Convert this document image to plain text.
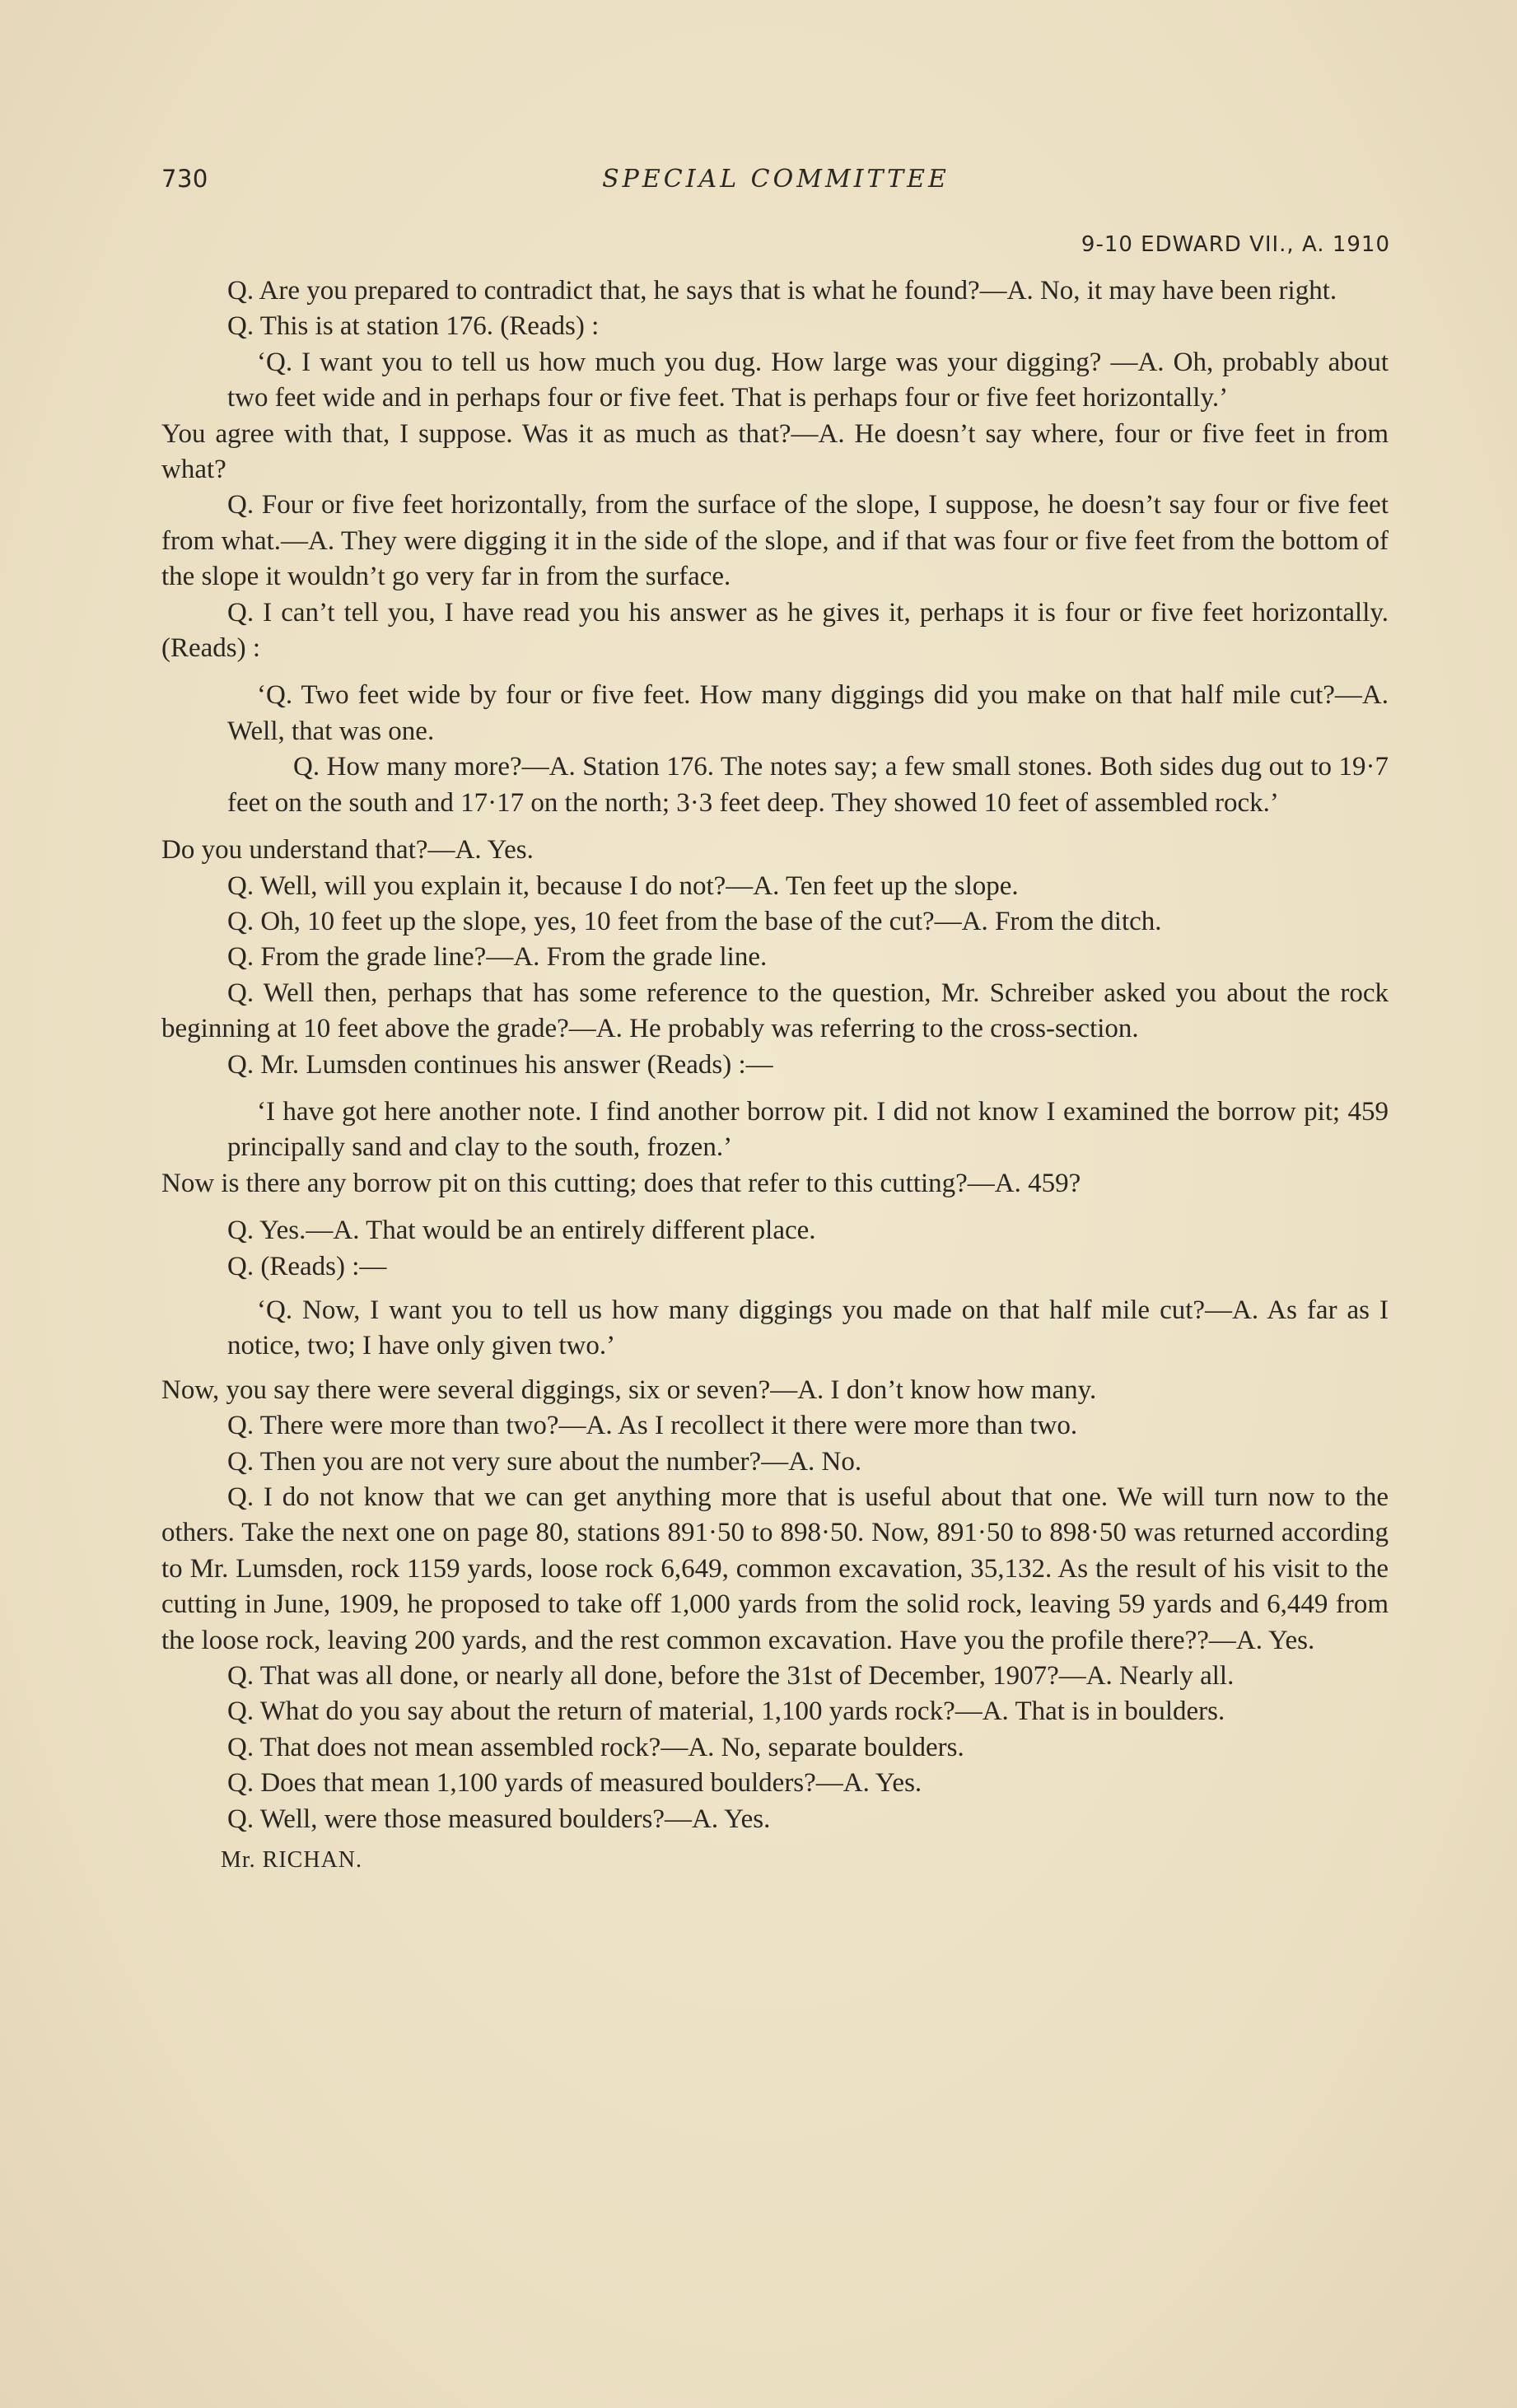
730	SPECIAL COMMITTEE
9-10 EDWARD VII., A. 1910

Q. Are you prepared to contradict that, he says that is what he found?—A. No, it may have been right.

Q. This is at station 176. (Reads) :

‘Q. I want you to tell us how much you dug. How large was your digging? —A. Oh, probably about two feet wide and in perhaps four or five feet. That is perhaps four or five feet horizontally.’

You agree with that, I suppose. Was it as much as that?—A. He doesn’t say where, four or five feet in from what?

Q. Four or five feet horizontally, from the surface of the slope, I suppose, he doesn’t say four or five feet from what.—A. They were digging it in the side of the slope, and if that was four or five feet from the bottom of the slope it wouldn’t go very far in from the surface.

Q. I can’t tell you, I have read you his answer as he gives it, perhaps it is four or five feet horizontally. (Reads) :

‘Q. Two feet wide by four or five feet. How many diggings did you make on that half mile cut?—A. Well, that was one.

Q. How many more?—A. Station 176. The notes say; a few small stones. Both sides dug out to 19·7 feet on the south and 17·17 on the north; 3·3 feet deep. They showed 10 feet of assembled rock.’

Do you understand that?—A. Yes.

Q. Well, will you explain it, because I do not?—A. Ten feet up the slope.

Q. Oh, 10 feet up the slope, yes, 10 feet from the base of the cut?—A. From the ditch.

Q. From the grade line?—A. From the grade line.

Q. Well then, perhaps that has some reference to the question, Mr. Schreiber asked you about the rock beginning at 10 feet above the grade?—A. He probably was referring to the cross-section.

Q. Mr. Lumsden continues his answer (Reads) :—

‘I have got here another note. I find another borrow pit. I did not know I examined the borrow pit; 459 principally sand and clay to the south, frozen.’

Now is there any borrow pit on this cutting; does that refer to this cutting?—A. 459?

Q. Yes.—A. That would be an entirely different place.

Q. (Reads) :—

‘Q. Now, I want you to tell us how many diggings you made on that half mile cut?—A. As far as I notice, two; I have only given two.’

Now, you say there were several diggings, six or seven?—A. I don’t know how many.

Q. There were more than two?—A. As I recollect it there were more than two.

Q. Then you are not very sure about the number?—A. No.

Q. I do not know that we can get anything more that is useful about that one. We will turn now to the others. Take the next one on page 80, stations 891·50 to 898·50. Now, 891·50 to 898·50 was returned according to Mr. Lumsden, rock 1159 yards, loose rock 6,649, common excavation, 35,132. As the result of his visit to the cutting in June, 1909, he proposed to take off 1,000 yards from the solid rock, leaving 59 yards and 6,449 from the loose rock, leaving 200 yards, and the rest common excavation. Have you the profile there??—A. Yes.

Q. That was all done, or nearly all done, before the 31st of December, 1907?—A. Nearly all.

Q. What do you say about the return of material, 1,100 yards rock?—A. That is in boulders.

Q. That does not mean assembled rock?—A. No, separate boulders.

Q. Does that mean 1,100 yards of measured boulders?—A. Yes.

Q. Well, were those measured boulders?—A. Yes.

Mr. RICHAN.
